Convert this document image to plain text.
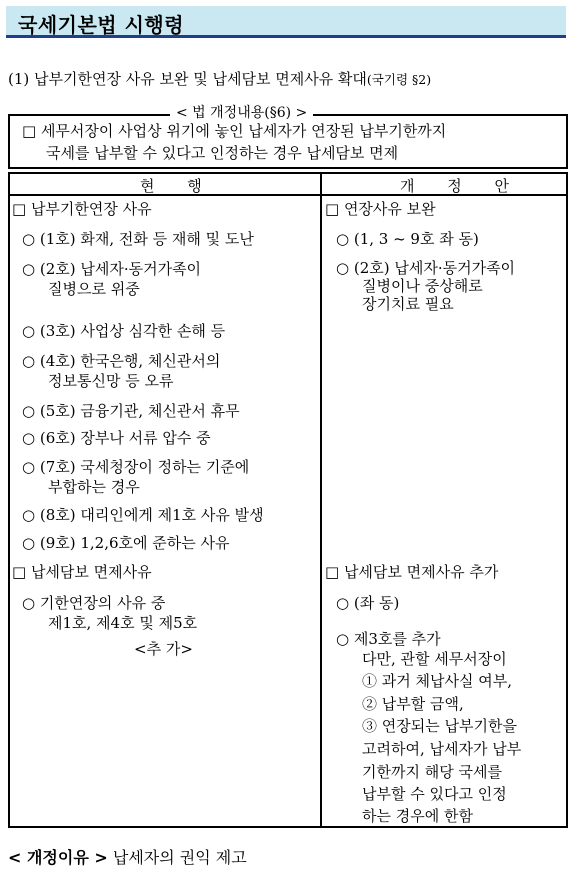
국세기본법 시행령
(1) 납부기한연장 사유 보완 및 납세담보 면제사유 확대(국기령 §2)
< 법 개정내용(§6) >
□ 세무서장이 사업상 위기에 놓인 납세자가 연장된 납부기한까지
국세를 납부할 수 있다고 인정하는 경우 납세담보 면제
현 행	개 정 안
□ 납부기한연장 사유
○ (1호) 화재, 전화 등 재해 및 도난
○ (2호) 납세자·동거가족이
질병으로 위중
○ (3호) 사업상 심각한 손해 등
○ (4호) 한국은행, 체신관서의
정보통신망 등 오류
○ (5호) 금융기관, 체신관서 휴무
○ (6호) 장부나 서류 압수 중
○ (7호) 국세청장이 정하는 기준에
부합하는 경우
○ (8호) 대리인에게 제1호 사유 발생
○ (9호) 1,2,6호에 준하는 사유
□ 납세담보 면제사유
○ 기한연장의 사유 중
제1호, 제4호 및 제5호
<추 가>
□ 연장사유 보완
○ (1, 3 ~ 9호 좌 동)
○ (2호) 납세자·동거가족이
질병이나 중상해로
장기치료 필요
□ 납세담보 면제사유 추가
○ (좌 동)
○ 제3호를 추가
다만, 관할 세무서장이
① 과거 체납사실 여부,
② 납부할 금액,
③ 연장되는 납부기한을
고려하여, 납세자가 납부
기한까지 해당 국세를
납부할 수 있다고 인정
하는 경우에 한함
< 개정이유 > 납세자의 권익 제고
